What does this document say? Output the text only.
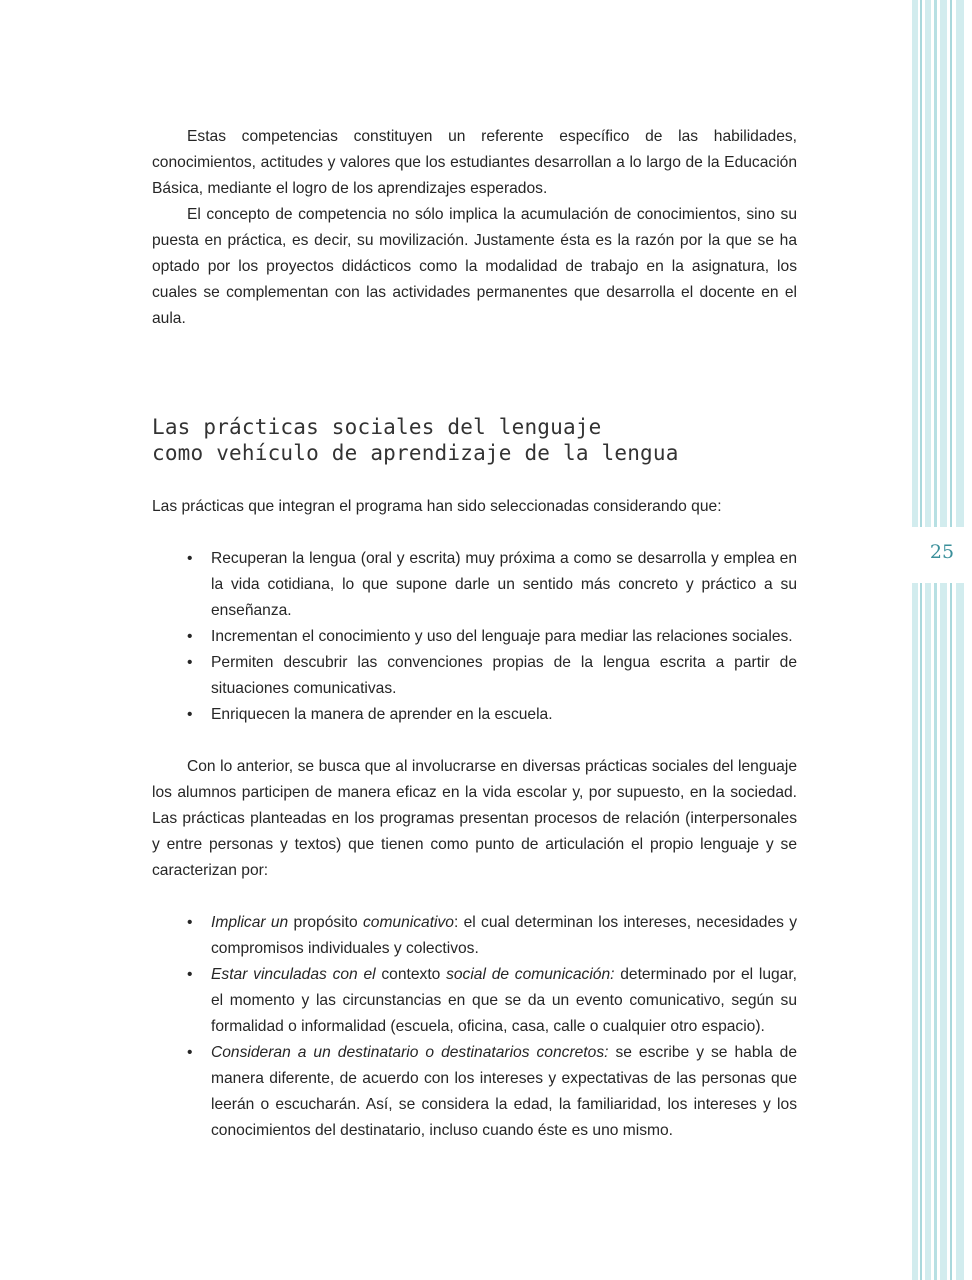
25

Estas competencias constituyen un referente específico de las habilidades, conocimientos, actitudes y valores que los estudiantes desarrollan a lo largo de la Educación Básica, mediante el logro de los aprendizajes esperados.

El concepto de competencia no sólo implica la acumulación de conocimientos, sino su puesta en práctica, es decir, su movilización. Justamente ésta es la razón por la que se ha optado por los proyectos didácticos como la modalidad de trabajo en la asignatura, los cuales se complementan con las actividades permanentes que desarrolla el docente en el aula.

Las prácticas sociales del lenguaje
como vehículo de aprendizaje de la lengua

Las prácticas que integran el programa han sido seleccionadas considerando que:

• Recuperan la lengua (oral y escrita) muy próxima a como se desarrolla y emplea en la vida cotidiana, lo que supone darle un sentido más concreto y práctico a su enseñanza.
• Incrementan el conocimiento y uso del lenguaje para mediar las relaciones sociales.
• Permiten descubrir las convenciones propias de la lengua escrita a partir de situaciones comunicativas.
• Enriquecen la manera de aprender en la escuela.

Con lo anterior, se busca que al involucrarse en diversas prácticas sociales del lenguaje los alumnos participen de manera eficaz en la vida escolar y, por supuesto, en la sociedad. Las prácticas planteadas en los programas presentan procesos de relación (interpersonales y entre personas y textos) que tienen como punto de articulación el propio lenguaje y se caracterizan por:

• Implicar un propósito comunicativo: el cual determinan los intereses, necesidades y compromisos individuales y colectivos.
• Estar vinculadas con el contexto social de comunicación: determinado por el lugar, el momento y las circunstancias en que se da un evento comunicativo, según su formalidad o informalidad (escuela, oficina, casa, calle o cualquier otro espacio).
• Consideran a un destinatario o destinatarios concretos: se escribe y se habla de manera diferente, de acuerdo con los intereses y expectativas de las personas que leerán o escucharán. Así, se considera la edad, la familiaridad, los intereses y los conocimientos del destinatario, incluso cuando éste es uno mismo.
